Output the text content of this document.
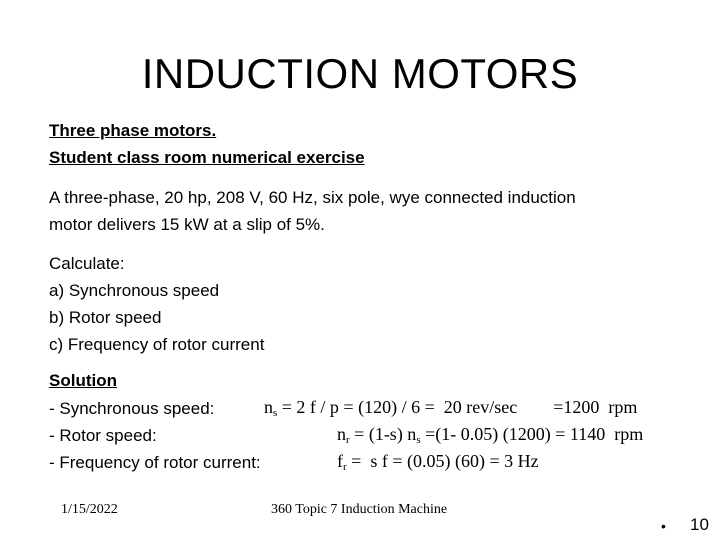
INDUCTION MOTORS
Three phase motors.
Student class room numerical exercise
A three-phase, 20 hp, 208 V, 60 Hz, six pole, wye connected induction
motor delivers 15 kW at a slip of 5%.
Calculate:
a) Synchronous speed
b) Rotor speed
c) Frequency of rotor current
Solution
- Synchronous speed:
- Rotor speed:
- Frequency of rotor current:
$n_s = 2$ f / p = (120) / 6 =  20 rev/sec        =1200  rpm
$n_r = (1-s)$ $n_s =(1-$ 0.05) (1200) = 1140  rpm
$f_r = s$ f = (0.05) (60) = 3 Hz
1/15/2022	360 Topic 7 Induction Machine
• 10
